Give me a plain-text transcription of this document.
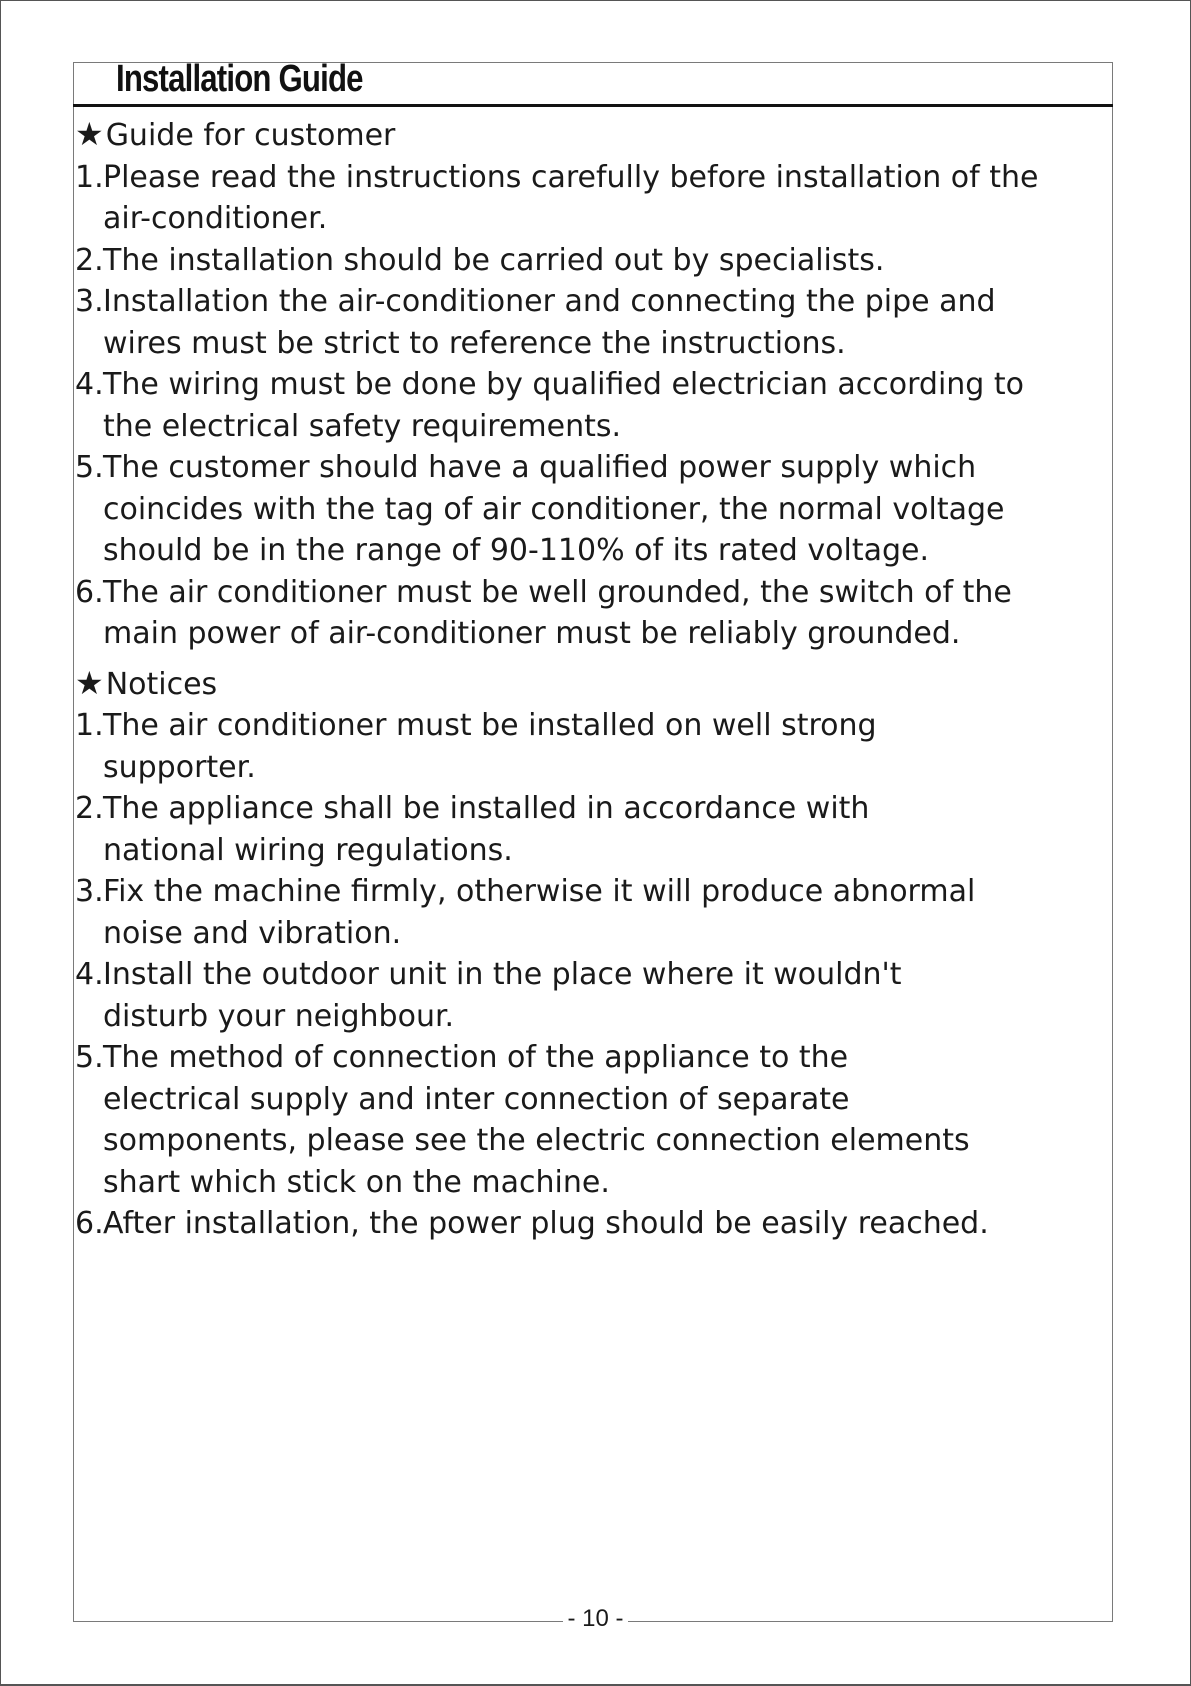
Installation Guide
★Guide for customer
1. Please read the instructions carefully before installation of the
air-conditioner.
2. The installation should be carried out by specialists.
3. Installation the air-conditioner and connecting the pipe and
wires must be strict to reference the instructions.
4. The wiring must be done by qualified electrician according to
the electrical safety requirements.
5. The customer should have a qualified power supply which
coincides with the tag of air conditioner, the normal voltage
should be in the range of 90-110% of its rated voltage.
6. The air conditioner must be well grounded, the switch of the
main power of air-conditioner must be reliably grounded.
★Notices
1. The air conditioner must be installed on well strong
supporter.
2. The appliance shall be installed in accordance with
national wiring regulations.
3. Fix the machine firmly, otherwise it will produce abnormal
noise and vibration.
4. Install the outdoor unit in the place where it wouldn't
disturb your neighbour.
5. The method of connection of the appliance to the
electrical supply and inter connection of separate
somponents, please see the electric connection elements
shart which stick on the machine.
6. After installation, the power plug should be easily reached.
- 10 -
